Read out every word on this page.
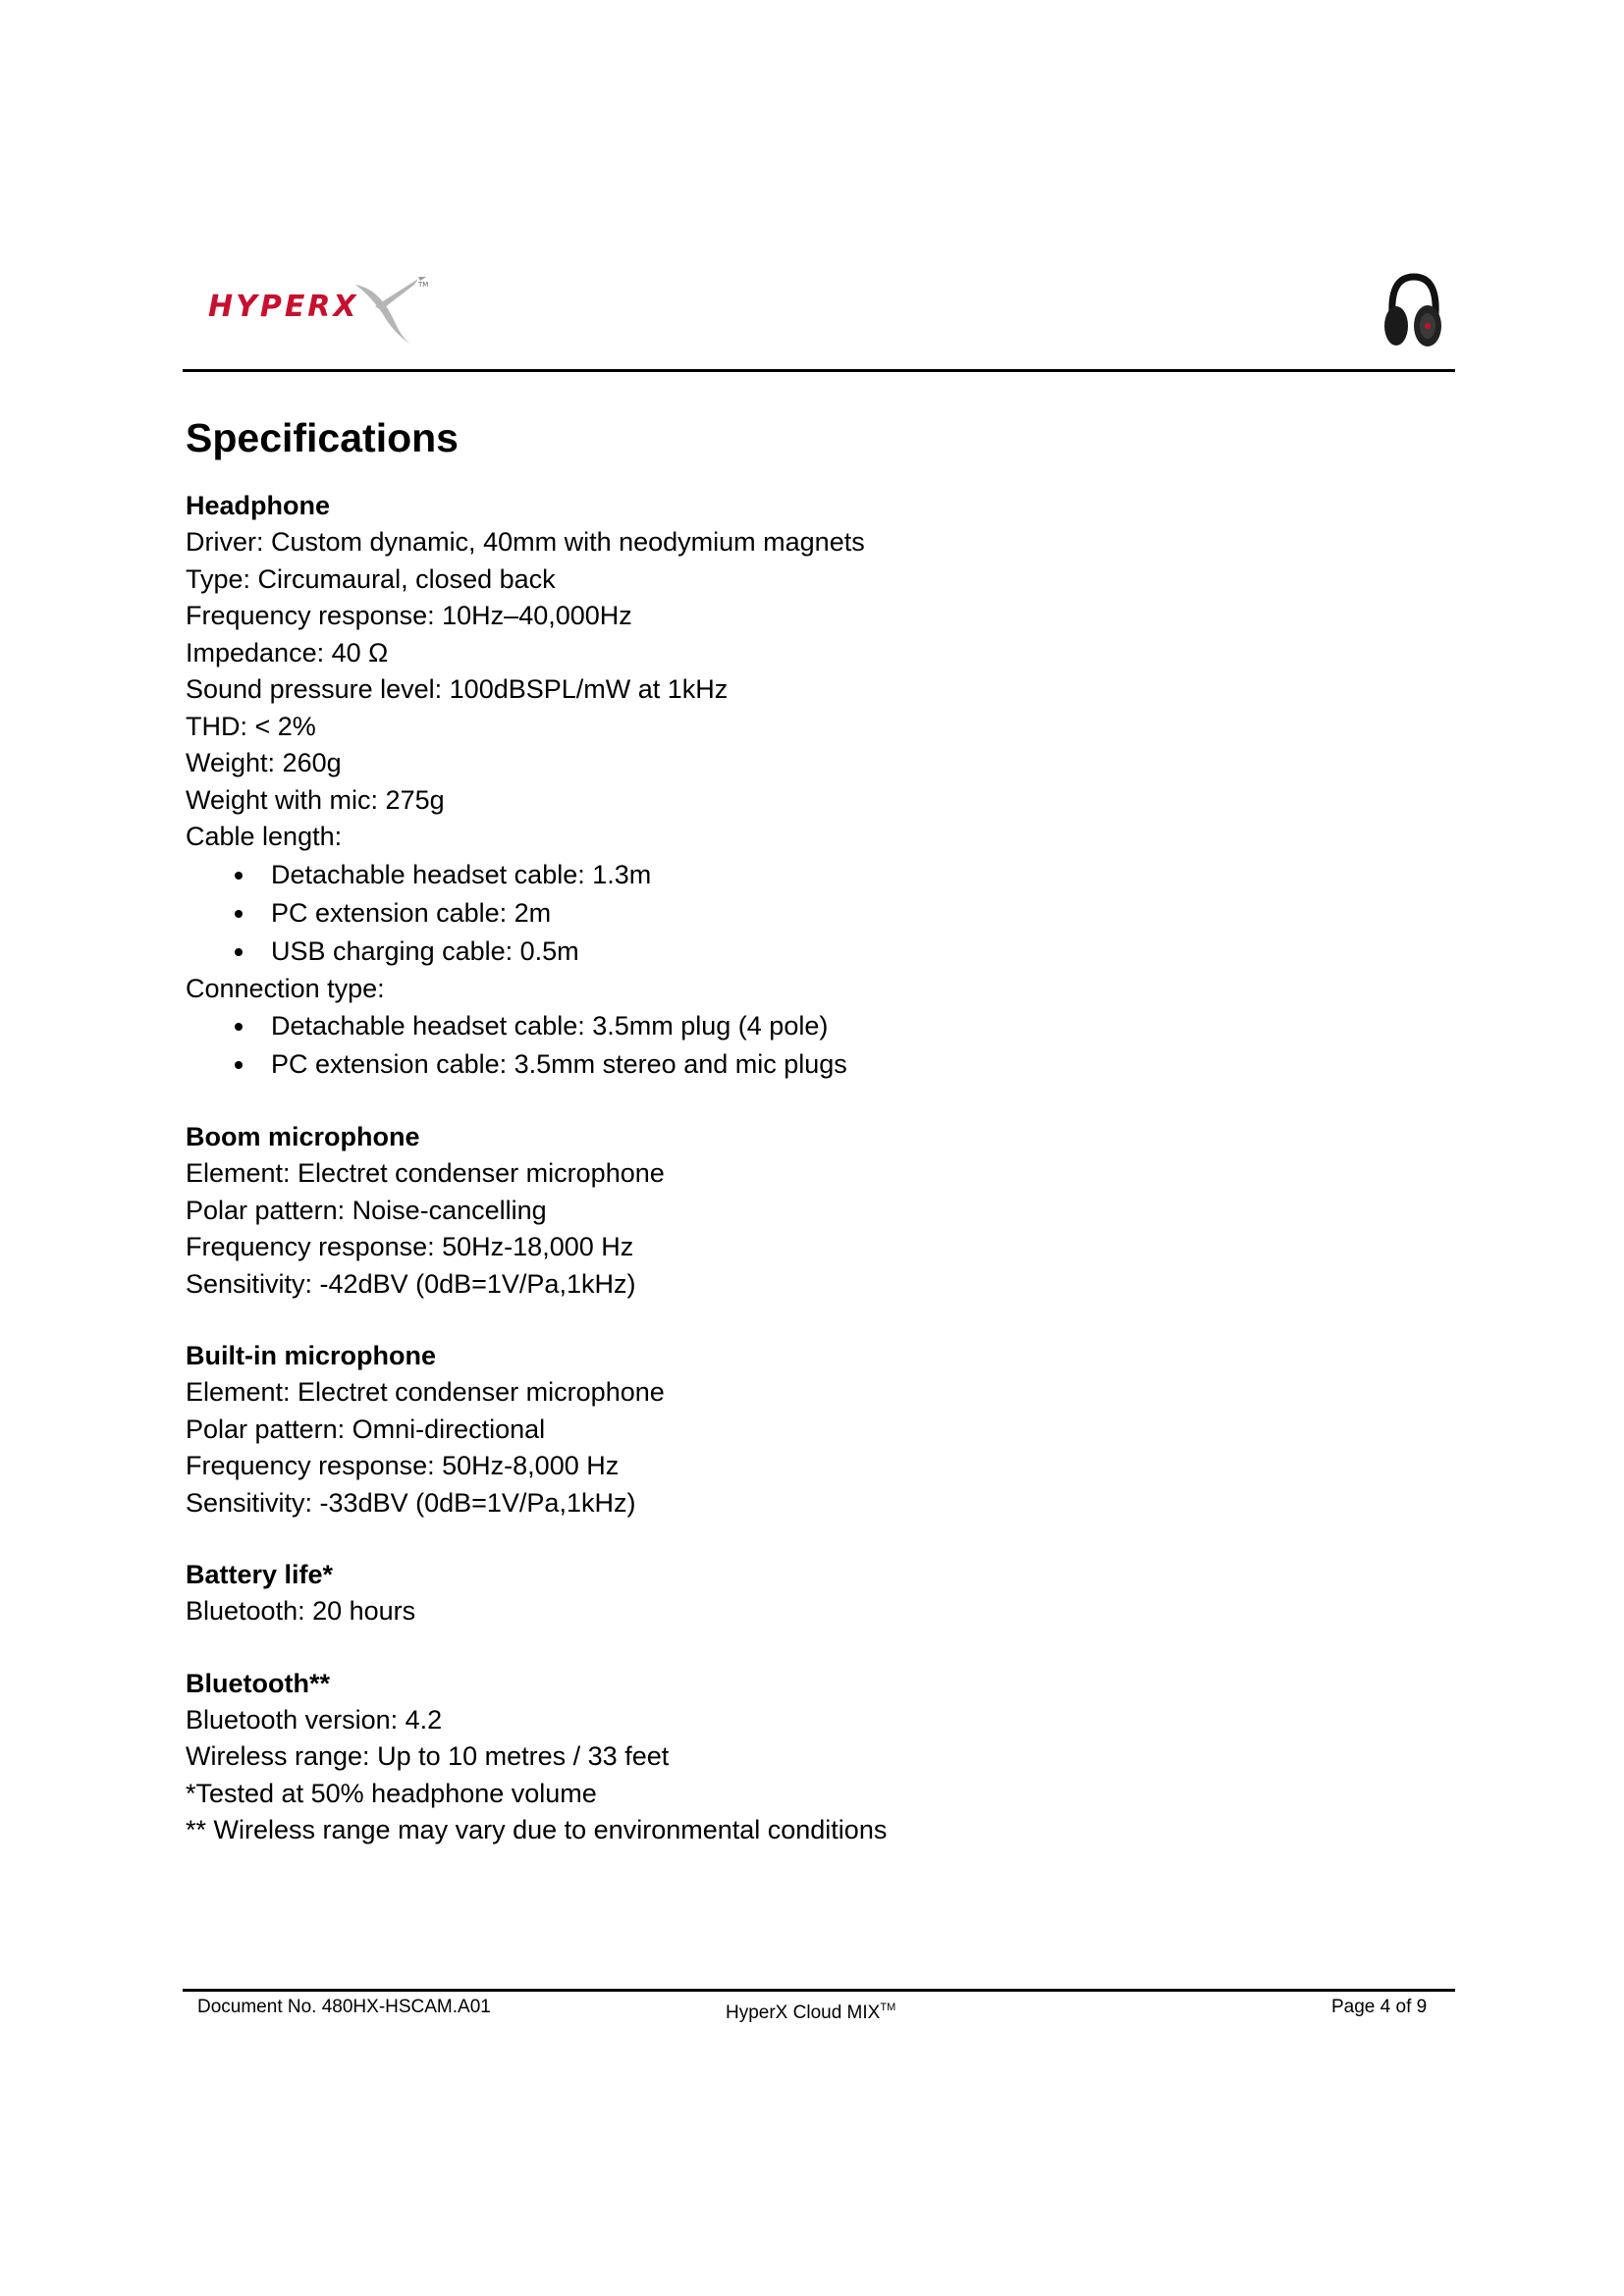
HYPERX
TM
Specifications
Headphone
Driver: Custom dynamic, 40mm with neodymium magnets
Type: Circumaural, closed back
Frequency response: 10Hz–40,000Hz
Impedance: 40 Ω
Sound pressure level: 100dBSPL/mW at 1kHz
THD: < 2%
Weight: 260g
Weight with mic: 275g
Cable length:
Detachable headset cable: 1.3m
PC extension cable: 2m
USB charging cable: 0.5m
Connection type:
Detachable headset cable: 3.5mm plug (4 pole)
PC extension cable: 3.5mm stereo and mic plugs
Boom microphone
Element: Electret condenser microphone
Polar pattern: Noise-cancelling
Frequency response: 50Hz-18,000 Hz
Sensitivity: -42dBV (0dB=1V/Pa,1kHz)
Built-in microphone
Element: Electret condenser microphone
Polar pattern: Omni-directional
Frequency response: 50Hz-8,000 Hz
Sensitivity: -33dBV (0dB=1V/Pa,1kHz)
Battery life*
Bluetooth: 20 hours
Bluetooth**
Bluetooth version: 4.2
Wireless range: Up to 10 metres / 33 feet
*Tested at 50% headphone volume
** Wireless range may vary due to environmental conditions
Document No. 480HX-HSCAM.A01	HyperX Cloud MIX™	Page 4 of 9
